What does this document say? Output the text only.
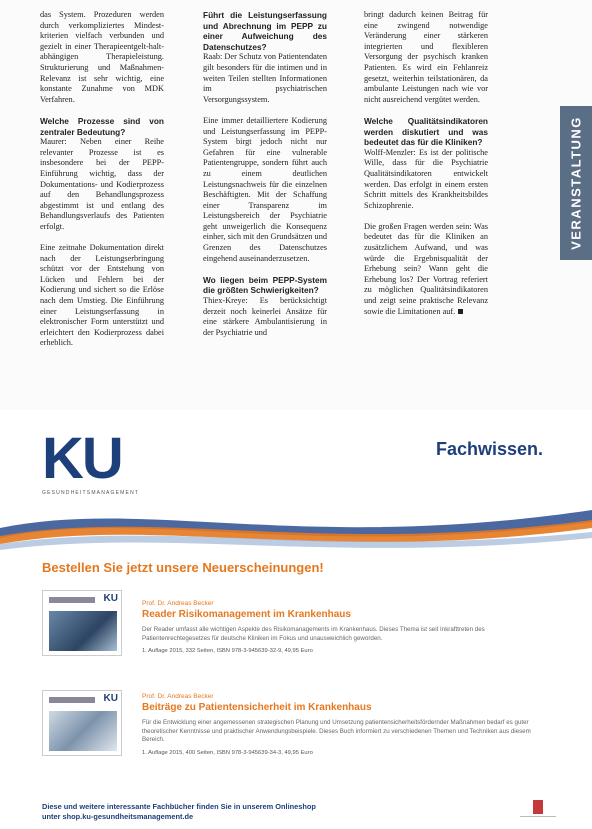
das System. Prozeduren werden durch verkompliziertes Mindest-kriterien vielfach verbunden und gezielt in einer Therapieentgelt-halt-abhängigen Therapieleistung. Strukturierung und Maßnahmen-Relevanz ist sehr wichtig, eine konstante Zunahme von MDK Verfahren.

Welche Prozesse sind von zentraler Bedeutung?

Maurer: Neben einer Reihe relevanter Prozesse ist es insbesondere bei der PEPP-Einführung wichtig, dass der Dokumentations- und Kodierprozess auf den Behandlungsprozess abgestimmt ist und entlang des Behandlungsverlaufs des Patienten erfolgt.

Eine zeitnahe Dokumentation direkt nach der Leistungserbringung schützt vor der Entstehung von Lücken und Fehlern bei der Kodierung und sichert so die Erlöse nach dem Umstieg. Die Einführung einer Leistungserfassung in elektronischer Form unterstützt und erleichtert den Kodierprozess dabei erheblich.

Führt die Leistungserfassung und Abrechnung im PEPP zu einer Aufweichung des Datenschutzes?

Raab: Der Schutz von Patientendaten gilt besonders für die intimen und in weiten Teilen stellten Informationen im psychiatrischen Versorgungssystem.

Eine immer detailliertere Kodierung und Leistungserfassung im PEPP-System birgt jedoch nicht nur Gefahren für eine vulnerable Patientengruppe, sondern führt auch zu einem deutlichen Leistungsnachweis für die einzelnen Beschäftigten. Mit der Schaffung einer Transparenz im Leistungsbereich der Psychiatrie geht unweigerlich die Konsequenz einher, sich mit den Grundsätzen und Grenzen des Datenschutzes eingehend auseinanderzusetzen.

Wo liegen beim PEPP-System die größten Schwierigkeiten?

Thiex-Kreye: Es berücksichtigt derzeit noch keinerlei Ansätze für eine stärkere Ambulantisierung in der Psychiatrie und

bringt dadurch keinen Beitrag für eine zwingend notwendige Veränderung einer stärkeren integrierten und flexibleren Versorgung der psychisch kranken Patienten. Es wird ein Fehlanreiz gesetzt, weiterhin teilstationären, da ambulante Leistungen nach wie vor nicht ausreichend vergütet werden.

Welche Qualitätsindikatoren werden diskutiert und was bedeutet das für die Kliniken?

Wolff-Menzler: Es ist der politische Wille, dass für die Psychiatrie Qualitätsindikatoren entwickelt werden. Das erfolgt in einem ersten Schritt mittels des Krankheitsbildes Schizophrenie.

Die großen Fragen werden sein: Was bedeutet das für die Kliniken an zusätzlichem Aufwand, und was würde die Ergebnisqualität der Erhebung sein? Wann geht die Erhebung los? Der Vortrag referiert zu möglichen Qualitätsindikatoren und zeigt seine praktische Relevanz sowie die Limitationen auf.

VERANSTALTUNG
KU
GESUNDHEITSMANAGEMENT
Fachwissen.
Bestellen Sie jetzt unsere Neuerscheinungen!
KU	Prof. Dr. Andreas Becker
Reader Risikomanagement im Krankenhaus
Der Reader umfasst alle wichtigen Aspekte des Risikomanagements im Krankenhaus. Dieses Thema ist seit Inkrafttreten des Patientenrechtegesetzes für deutsche Kliniken im Fokus und unausweichlich geworden.
1. Auflage 2015, 332 Seiten, ISBN 978-3-945639-32-9, 49,95 Euro
KU	Prof. Dr. Andreas Becker
Beiträge zu Patientensicherheit im Krankenhaus
Für die Entwicklung einer angemessenen strategischen Planung und Umsetzung patientensicherheitsfördernder Maßnahmen bedarf es guter theoretischer Kenntnisse und praktischer Anwendungsbeispiele. Dieses Buch informiert zu verschiedenen Themen und Techniken aus diesem Bereich.
1. Auflage 2015, 400 Seiten, ISBN 978-3-945639-34-3, 49,95 Euro
Diese und weitere interessante Fachbücher finden Sie in unserem Onlineshop
unter shop.ku-gesundheitsmanagement.de
